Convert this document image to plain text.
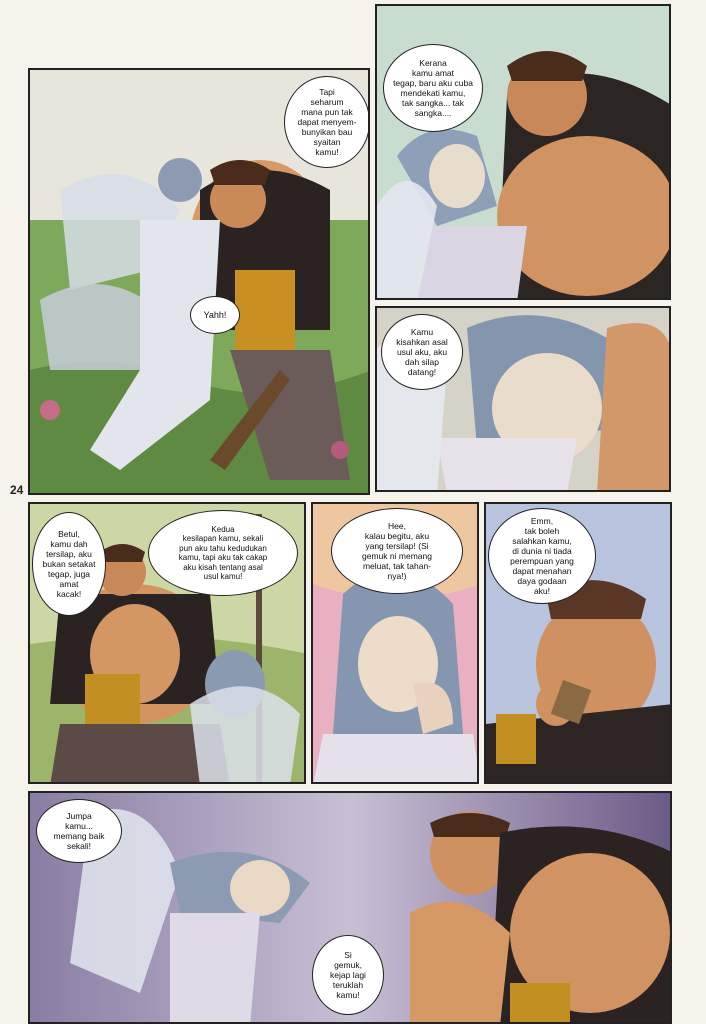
Tapi
seharum
mana pun tak
dapat menyem-
bunyikan bau
syaitan
kamu!
Yahh!
Kerana
kamu amat
tegap, baru aku cuba
mendekati kamu,
tak sangka... tak
sangka....
Kamu
kisahkan asal
usul aku, aku
dah silap
datang!
24
Betul,
kamu dah
tersilap, aku
bukan setakat
tegap, juga
amat
kacak!
Kedua
kesilapan kamu, sekali
pun aku tahu kedudukan
kamu, tapi aku tak cakap
aku kisah tentang asal
usul kamu!
Hee,
kalau begitu, aku
yang tersilap! (Si
gemuk ni memang
meluat, tak tahan-
nya!)
Emm,
tak boleh
salahkan kamu,
di dunia ni tiada
perempuan yang
dapat menahan
daya godaan
aku!
Jumpa
kamu...
memang baik
sekali!
Si
gemuk,
kejap lagi
teruklah
kamu!
